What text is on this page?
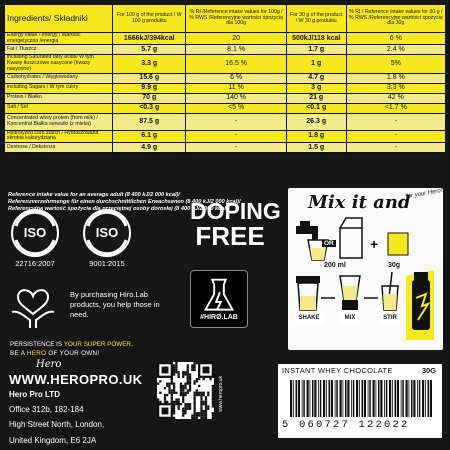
Ingredients/ Składniki	For 100 g of the product / W 100 g produktu	% RI /Reference intake values for 100g / % RWS /Referencyjne wartości spożycia dla 100g	For 30 g of the product / W 30 g produktu	% RI / Reference intake values for 30 g / % RWS /Referencyjne wartości spożycia dla 30g
Energy value / energy / Wartość energetyczna /energia	1666kJ/394kcal	20	500kJ/118 kcal	6 %
Fat / Tłuszcz	5.7 g	8.1 %	1.7 g	2.4 %
including Saturated fatty acids/ W tym Kwasy tłuszczowe nasycone (kwasy nasycone)	3.3 g	16.5 %	1 g	5%
Carbohydrates / Węglowodany	15.6 g	6 %	4.7 g	1.8 %
including Sugars / W tym cukry	9.9 g	11 %	3 g	3.3 %
Protein / Białko	70 g	140 %	21 g	42 %
Salt / Sól	<0.3 g	<5 %	<0.1 g	<1.7 %
Concentrated whey protein (from milk) / Koncentrat Białka serwatki (z mleka)	87.5 g	-	26.3 g	-
Hydrolyzed corn starch / Hydrolizowana skrobia kukurydziana	6.1 g	-	1.8 g	-
Dextrose / Dekstroza	4.9 g	-	1.5 g	-
Reference intake value for an average adult (8 400 kJ/2 000 kcal)/
Referenzverzehrmenge für einen durchschnittlichen Erwachsenen (8 400 kJ/2 000 kcal)/
Referencyjna wartość spożycia dla przeciętnej osoby dorosłej (8 400 kJ/2 000 kcal)
ISO
22716:2007
ISO
9001:2015
By purchasing Hiro.Lab products, you help those in need.
PERSISTENCE IS YOUR SUPER POWER.
BE A HERO OF YOUR OWN!
Hero
WWW.HEROPRO.UK
Hero Pro LTD
Office 312b, 182-184
High Street North, London,
DOPING
FREE
#HIRØ.LAB
Mix it and
for your Hero!
OR
200 ml
+
30g
SHAKE	MIX	STIR
www.heropro.uk
INSTANT WHEY CHOCOLATE	30G
5 060727 122022
United Kingdom, E6 2JA
